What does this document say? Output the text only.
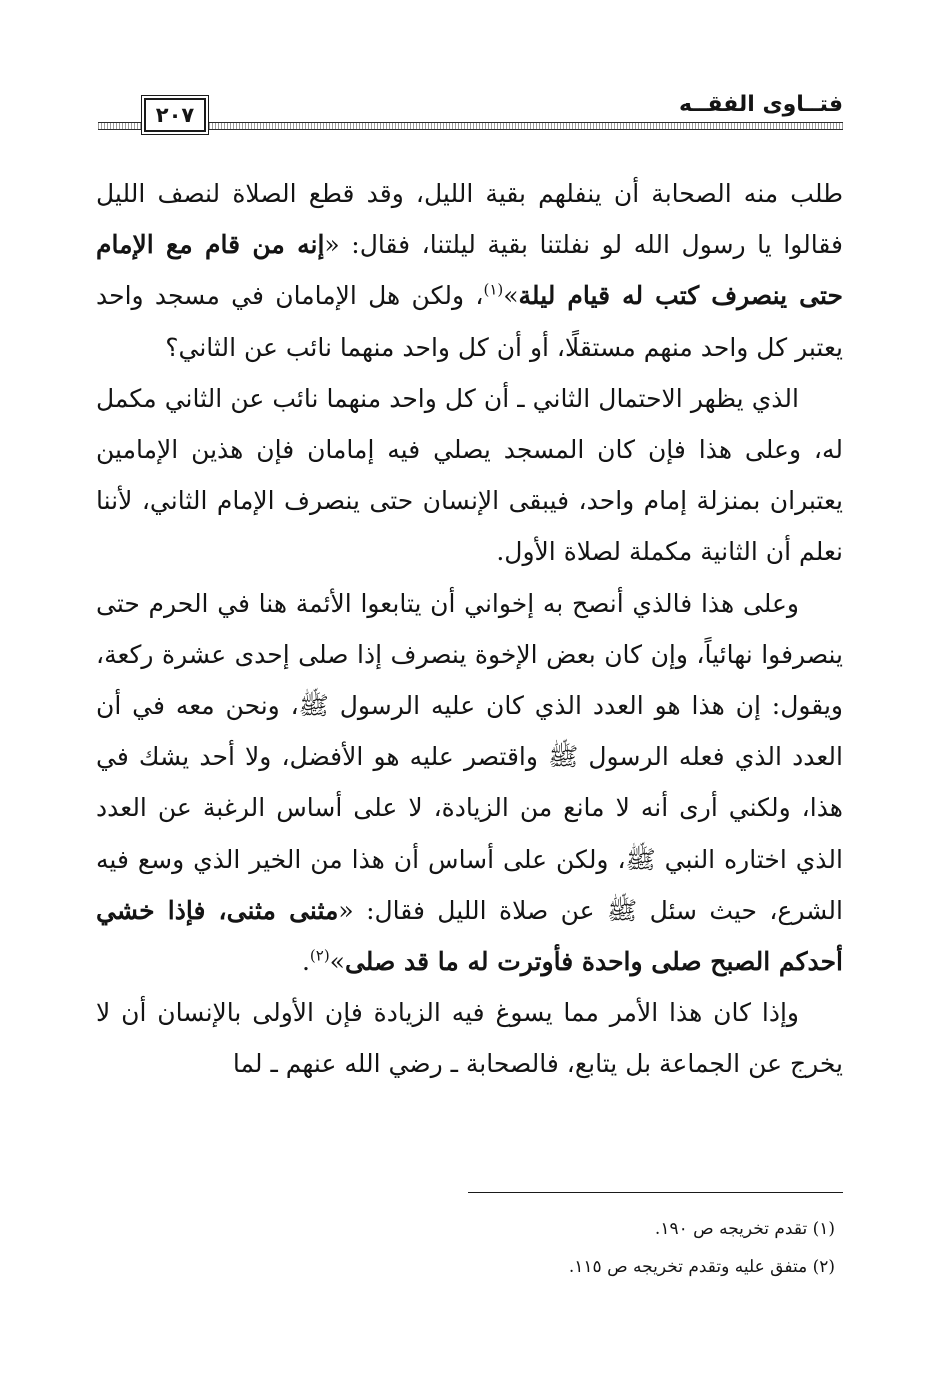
فتــاوى الفقــه
٢٠٧

طلب منه الصحابة أن ينفلهم بقية الليل، وقد قطع الصلاة لنصف الليل فقالوا يا رسول الله لو نفلتنا بقية ليلتنا، فقال: «إنه من قام مع الإمام حتى ينصرف كتب له قيام ليلة»$^{(١)}$، ولكن هل الإمامان في مسجد واحد يعتبر كل واحد منهم مستقلًا، أو أن كل واحد منهما نائب عن الثاني؟

الذي يظهر الاحتمال الثاني ـ أن كل واحد منهما نائب عن الثاني مكمل له، وعلى هذا فإن كان المسجد يصلي فيه إمامان فإن هذين الإمامين يعتبران بمنزلة إمام واحد، فيبقى الإنسان حتى ينصرف الإمام الثاني، لأننا نعلم أن الثانية مكملة لصلاة الأول.

وعلى هذا فالذي أنصح به إخواني أن يتابعوا الأئمة هنا في الحرم حتى ينصرفوا نهائياً، وإن كان بعض الإخوة ينصرف إذا صلى إحدى عشرة ركعة، ويقول: إن هذا هو العدد الذي كان عليه الرسول ﷺ، ونحن معه في أن العدد الذي فعله الرسول ﷺ واقتصر عليه هو الأفضل، ولا أحد يشك في هذا، ولكني أرى أنه لا مانع من الزيادة، لا على أساس الرغبة عن العدد الذي اختاره النبي ﷺ، ولكن على أساس أن هذا من الخير الذي وسع فيه الشرع، حيث سئل ﷺ عن صلاة الليل فقال: «مثنى مثنى، فإذا خشي أحدكم الصبح صلى واحدة فأوترت له ما قد صلى»$^{(٢)}$.

وإذا كان هذا الأمر مما يسوغ فيه الزيادة فإن الأولى بالإنسان أن لا يخرج عن الجماعة بل يتابع، فالصحابة ـ رضي الله عنهم ـ لما

(١) تقدم تخريجه ص ١٩٠.
(٢) متفق عليه وتقدم تخريجه ص ١١٥.
